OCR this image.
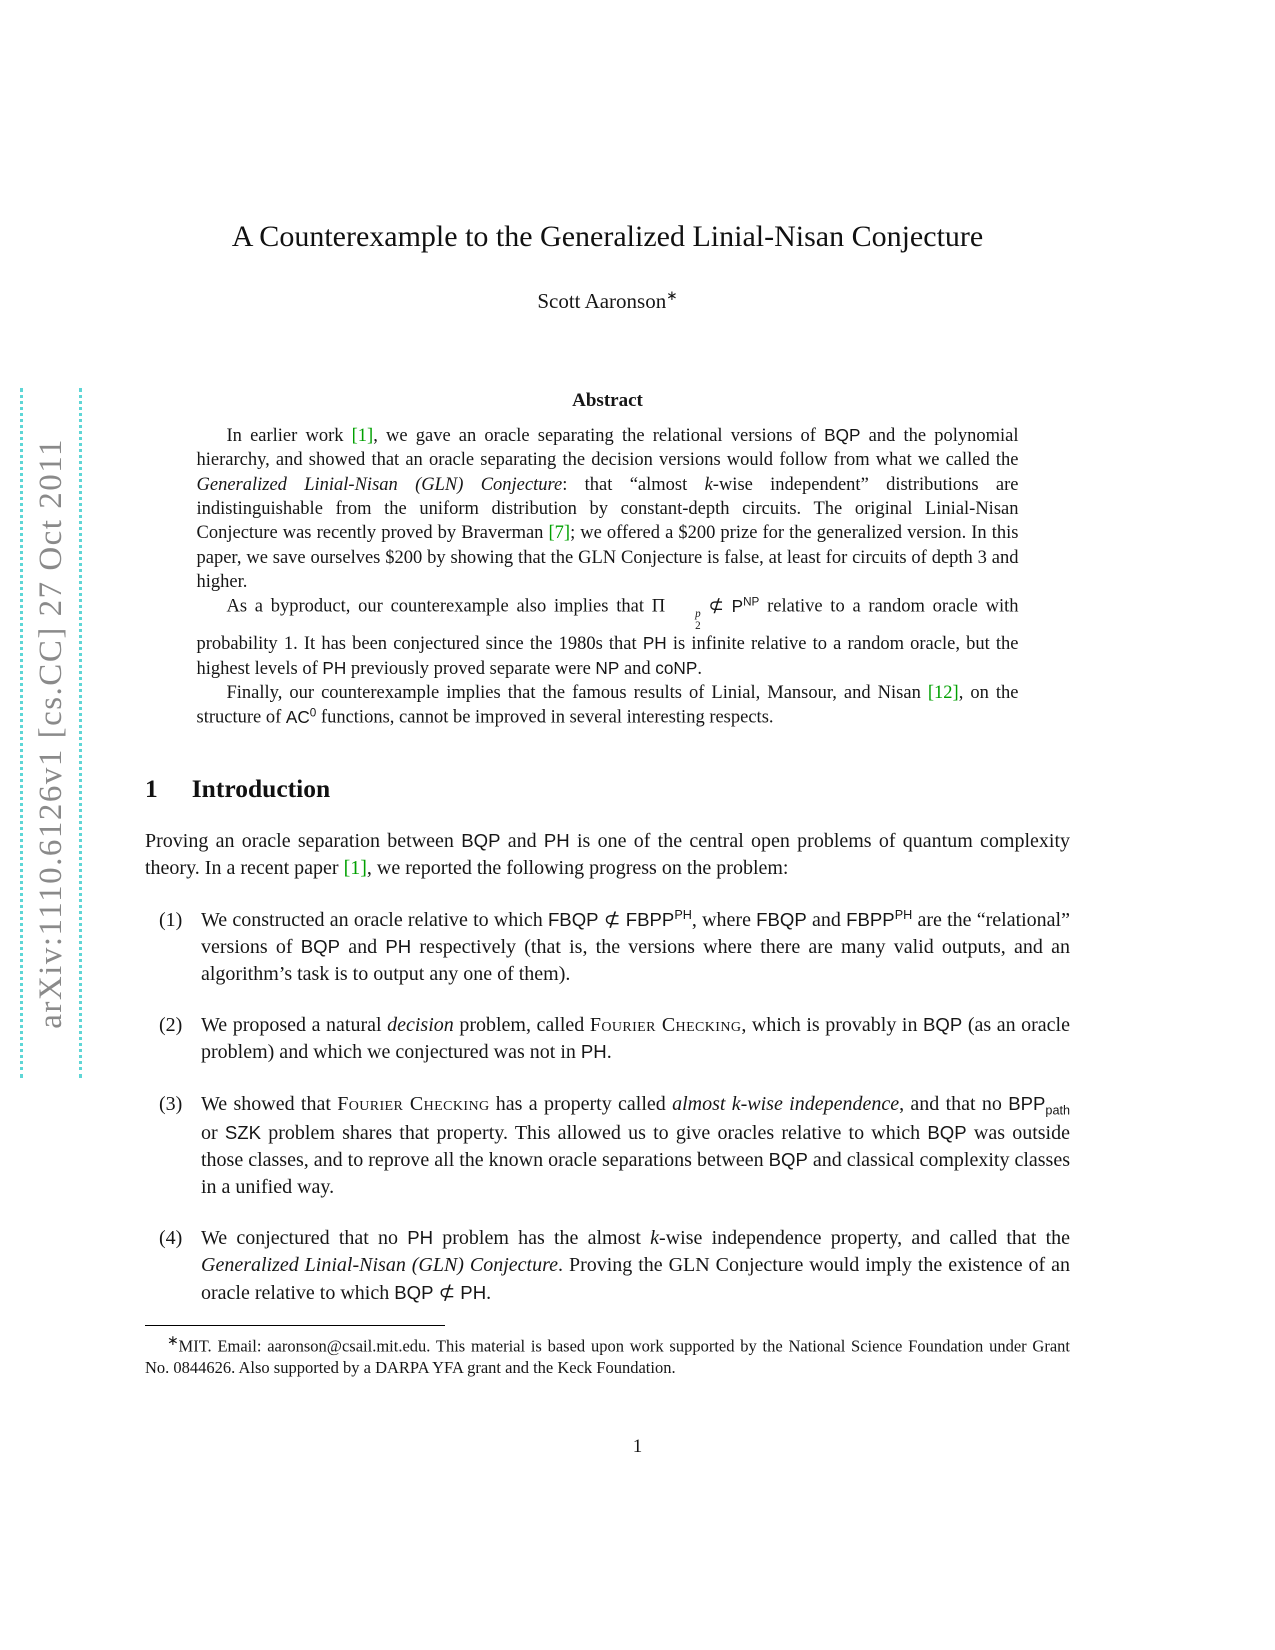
arXiv:1110.6126v1 [cs.CC] 27 Oct 2011
A Counterexample to the Generalized Linial-Nisan Conjecture
Scott Aaronson∗
Abstract

In earlier work [1], we gave an oracle separating the relational versions of BQP and the polynomial hierarchy, and showed that an oracle separating the decision versions would follow from what we called the Generalized Linial-Nisan (GLN) Conjecture: that “almost k-wise independent” distributions are indistinguishable from the uniform distribution by constant-depth circuits. The original Linial-Nisan Conjecture was recently proved by Braverman [7]; we offered a $200 prize for the generalized version. In this paper, we save ourselves $200 by showing that the GLN Conjecture is false, at least for circuits of depth 3 and higher.

As a byproduct, our counterexample also implies that Π	p
2
⊄ $P^{NP}$ relative to a random oracle with probability 1. It has been conjectured since the 1980s that PH is infinite relative to a random oracle, but the highest levels of PH previously proved separate were NP and coNP.

Finally, our counterexample implies that the famous results of Linial, Mansour, and Nisan [12], on the structure of $AC^0$ functions, cannot be improved in several interesting respects.

1 Introduction

Proving an oracle separation between BQP and PH is one of the central open problems of quantum complexity theory. In a recent paper [1], we reported the following progress on the problem:

(1) We constructed an oracle relative to which FBQP ⊄ $FBPP^{PH}$, where FBQP and $FBPP^{PH}$ are the “relational” versions of BQP and PH respectively (that is, the versions where there are many valid outputs, and an algorithm’s task is to output any one of them).
(2) We proposed a natural decision problem, called Fourier Checking, which is provably in BQP (as an oracle problem) and which we conjectured was not in PH.
(3) We showed that Fourier Checking has a property called almost k-wise independence, and that no $BPP_{path}$ or SZK problem shares that property. This allowed us to give oracles relative to which BQP was outside those classes, and to reprove all the known oracle separations between BQP and classical complexity classes in a unified way.
(4) We conjectured that no PH problem has the almost k-wise independence property, and called that the Generalized Linial-Nisan (GLN) Conjecture. Proving the GLN Conjecture would imply the existence of an oracle relative to which BQP ⊄ PH.

∗MIT. Email: aaronson@csail.mit.edu. This material is based upon work supported by the National Science Foundation under Grant No. 0844626. Also supported by a DARPA YFA grant and the Keck Foundation.

1
